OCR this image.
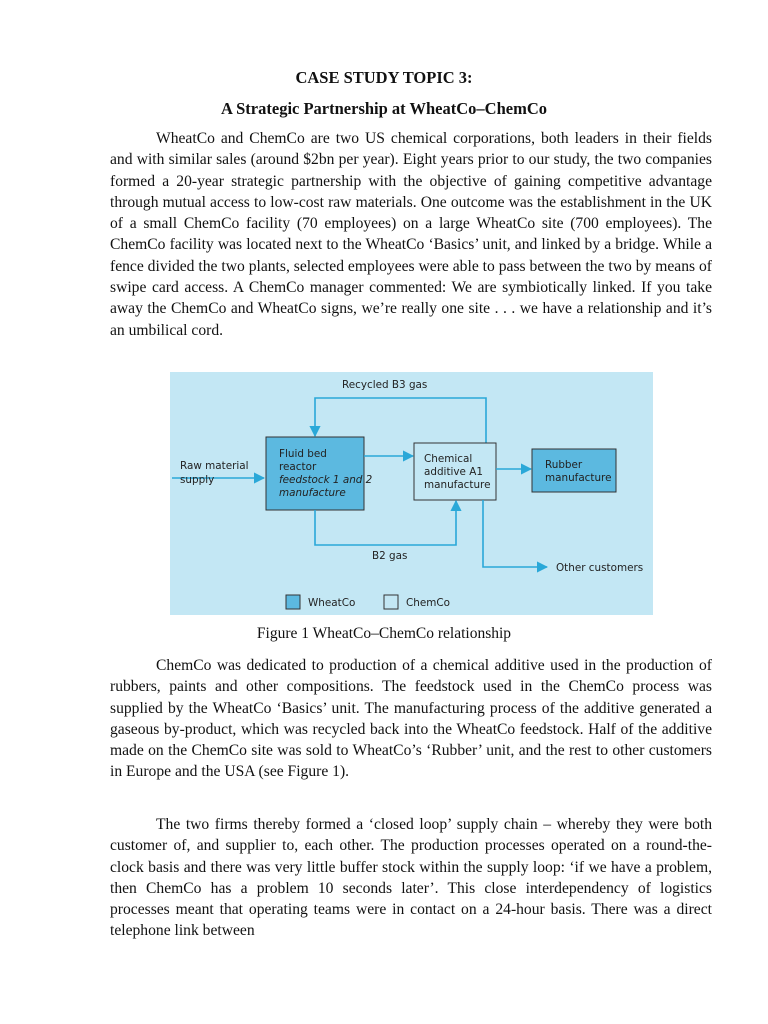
CASE STUDY TOPIC 3:
A Strategic Partnership at WheatCo–ChemCo

WheatCo and ChemCo are two US chemical corporations, both leaders in their fields and with similar sales (around $2bn per year). Eight years prior to our study, the two companies formed a 20-year strategic partnership with the objective of gaining competitive advantage through mutual access to low-cost raw materials. One outcome was the establishment in the UK of a small ChemCo facility (70 employees) on a large WheatCo site (700 employees). The ChemCo facility was located next to the WheatCo ‘Basics’ unit, and linked by a bridge. While a fence divided the two plants, selected employees were able to pass between the two by means of swipe card access. A ChemCo manager commented: We are symbiotically linked. If you take away the ChemCo and WheatCo signs, we’re really one site . . . we have a relationship and it’s an umbilical cord.

Recycled B3 gas
Raw material
supply
Fluid bed
reactor
feedstock 1 and 2
manufacture
Chemical
additive A1
manufacture
Rubber
manufacture
B2 gas
Other customers
WheatCo	ChemCo
Figure 1 WheatCo–ChemCo relationship

ChemCo was dedicated to production of a chemical additive used in the production of rubbers, paints and other compositions. The feedstock used in the ChemCo process was supplied by the WheatCo ‘Basics’ unit. The manufacturing process of the additive generated a gaseous by-product, which was recycled back into the WheatCo feedstock. Half of the additive made on the ChemCo site was sold to WheatCo’s ‘Rubber’ unit, and the rest to other customers in Europe and the USA (see Figure 1).

The two firms thereby formed a ‘closed loop’ supply chain – whereby they were both customer of, and supplier to, each other. The production processes operated on a round-the-clock basis and there was very little buffer stock within the supply loop: ‘if we have a problem, then ChemCo has a problem 10 seconds later’. This close interdependency of logistics processes meant that operating teams were in contact on a 24-hour basis. There was a direct telephone link between
